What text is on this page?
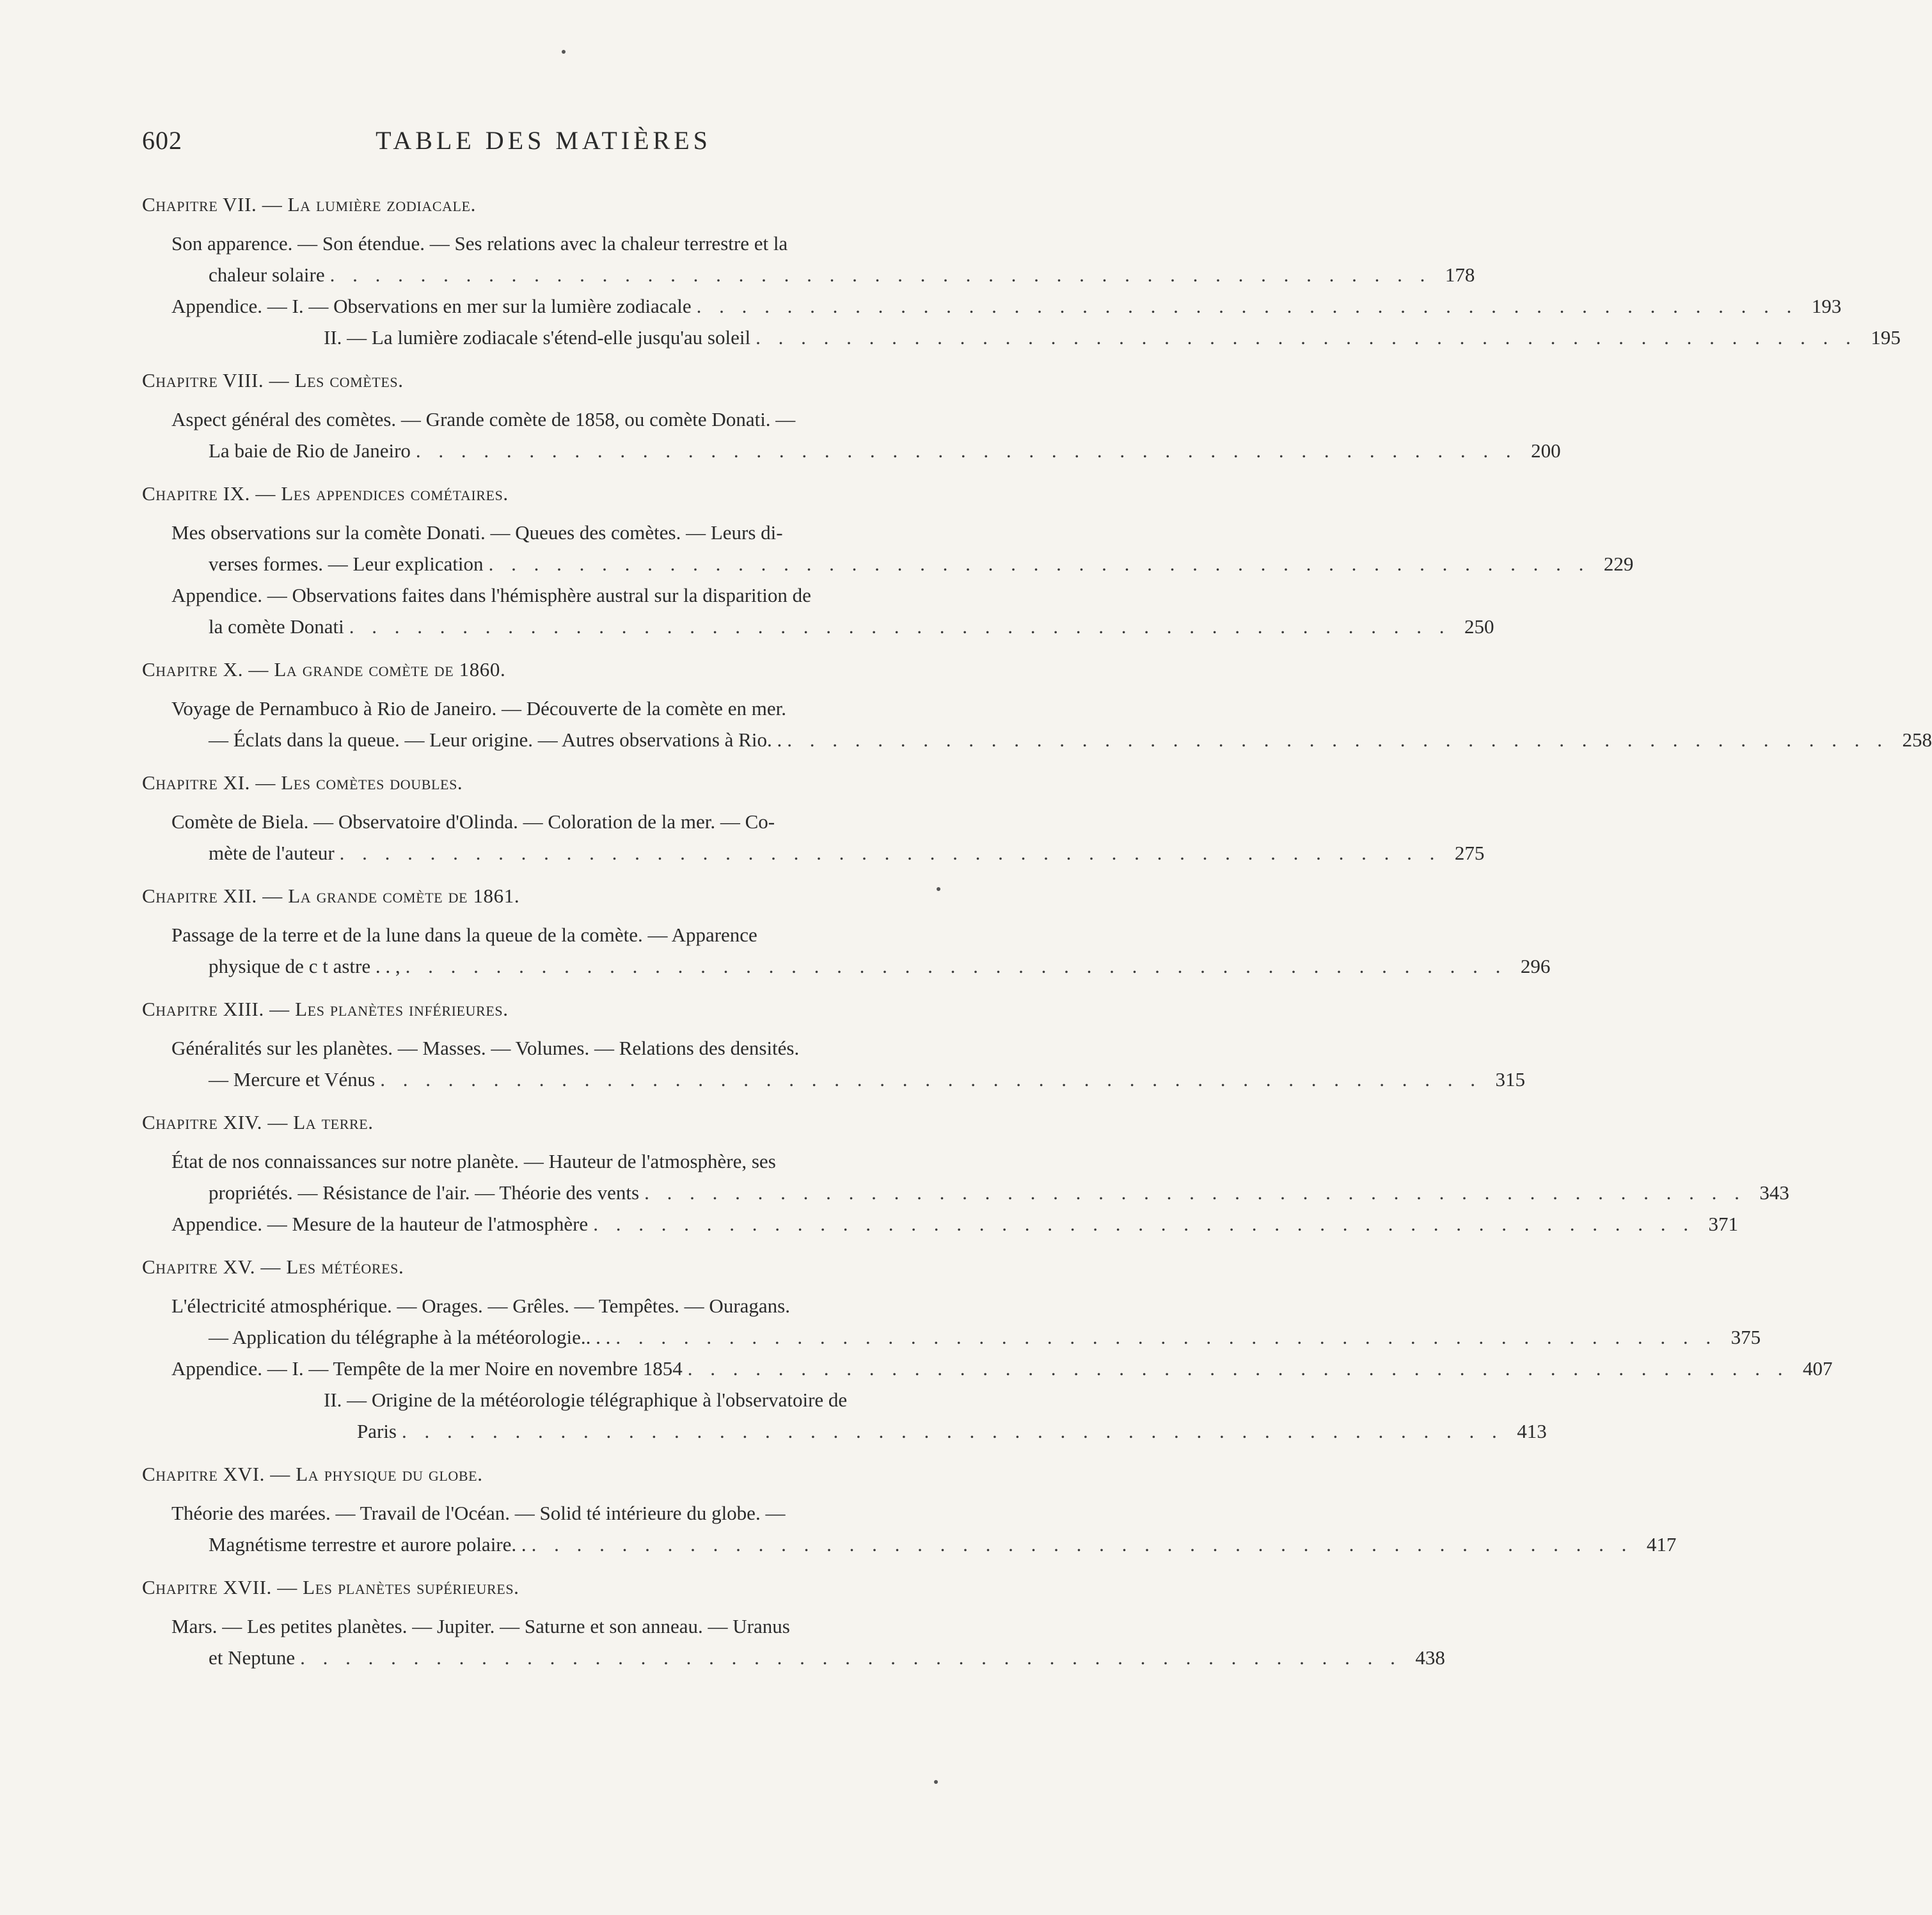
602	TABLE DES MATIÈRES
Chapitre VII. — La lumière zodiacale.
Son apparence. — Son étendue. — Ses relations avec la chaleur terrestre et la
chaleur solaire . . . . . . . . . . . . . . . . . . . . . . . . . . . . . . . . . . . . . . . . . . . . . . . . . 178
Appendice. — I. — Observations en mer sur la lumière zodiacale . . . . . . . . . . . . . . . . . . . . . . . . . . . . . . . . . . . . . . . . . . . . . . . . . 193
II. — La lumière zodiacale s'étend-elle jusqu'au soleil . . . . . . . . . . . . . . . . . . . . . . . . . . . . . . . . . . . . . . . . . . . . . . . . . 195
Chapitre VIII. — Les comètes.
Aspect général des comètes. — Grande comète de 1858, ou comète Donati. —
La baie de Rio de Janeiro . . . . . . . . . . . . . . . . . . . . . . . . . . . . . . . . . . . . . . . . . . . . . . . . . 200
Chapitre IX. — Les appendices cométaires.
Mes observations sur la comète Donati. — Queues des comètes. — Leurs di-
verses formes. — Leur explication . . . . . . . . . . . . . . . . . . . . . . . . . . . . . . . . . . . . . . . . . . . . . . . . . 229
Appendice. — Observations faites dans l'hémisphère austral sur la disparition de
la comète Donati . . . . . . . . . . . . . . . . . . . . . . . . . . . . . . . . . . . . . . . . . . . . . . . . . 250
Chapitre X. — La grande comète de 1860.
Voyage de Pernambuco à Rio de Janeiro. — Découverte de la comète en mer.
— Éclats dans la queue. — Leur origine. — Autres observations à Rio. . . . . . . . . . . . . . . . . . . . . . . . . . . . . . . . . . . . . . . . . . . . . . . . . . . 258
Chapitre XI. — Les comètes doubles.
Comète de Biela. — Observatoire d'Olinda. — Coloration de la mer. — Co-
mète de l'auteur . . . . . . . . . . . . . . . . . . . . . . . . . . . . . . . . . . . . . . . . . . . . . . . . . 275
Chapitre XII. — La grande comète de 1861.
Passage de la terre et de la lune dans la queue de la comète. — Apparence
physique de c t astre . . , . . . . . . . . . . . . . . . . . . . . . . . . . . . . . . . . . . . . . . . . . . . . . . . . . 296
Chapitre XIII. — Les planètes inférieures.
Généralités sur les planètes. — Masses. — Volumes. — Relations des densités.
— Mercure et Vénus . . . . . . . . . . . . . . . . . . . . . . . . . . . . . . . . . . . . . . . . . . . . . . . . . 315
Chapitre XIV. — La terre.
État de nos connaissances sur notre planète. — Hauteur de l'atmosphère, ses
propriétés. — Résistance de l'air. — Théorie des vents . . . . . . . . . . . . . . . . . . . . . . . . . . . . . . . . . . . . . . . . . . . . . . . . . 343
Appendice. — Mesure de la hauteur de l'atmosphère . . . . . . . . . . . . . . . . . . . . . . . . . . . . . . . . . . . . . . . . . . . . . . . . . 371
Chapitre XV. — Les météores.
L'électricité atmosphérique. — Orages. — Grêles. — Tempêtes. — Ouragans.
— Application du télégraphe à la météorologie.. . . . . . . . . . . . . . . . . . . . . . . . . . . . . . . . . . . . . . . . . . . . . . . . . . . . 375
Appendice. — I. — Tempête de la mer Noire en novembre 1854 . . . . . . . . . . . . . . . . . . . . . . . . . . . . . . . . . . . . . . . . . . . . . . . . . 407
II. — Origine de la météorologie télégraphique à l'observatoire de
Paris . . . . . . . . . . . . . . . . . . . . . . . . . . . . . . . . . . . . . . . . . . . . . . . . . 413
Chapitre XVI. — La physique du globe.
Théorie des marées. — Travail de l'Océan. — Solid té intérieure du globe. —
Magnétisme terrestre et aurore polaire. . . . . . . . . . . . . . . . . . . . . . . . . . . . . . . . . . . . . . . . . . . . . . . . . . . 417
Chapitre XVII. — Les planètes supérieures.
Mars. — Les petites planètes. — Jupiter. — Saturne et son anneau. — Uranus
et Neptune . . . . . . . . . . . . . . . . . . . . . . . . . . . . . . . . . . . . . . . . . . . . . . . . . 438
